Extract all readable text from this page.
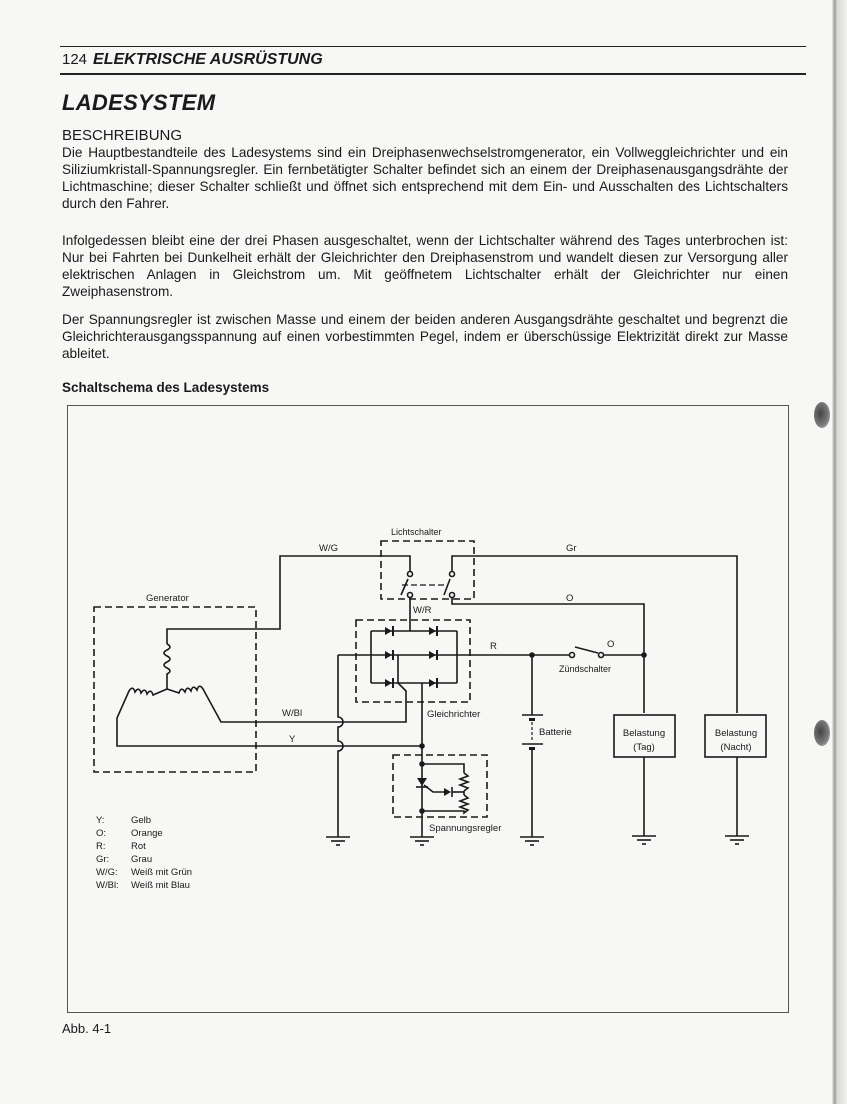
124 ELEKTRISCHE AUSRÜSTUNG
LADESYSTEM
BESCHREIBUNG
Die Hauptbestandteile des Ladesystems sind ein Dreiphasenwechselstromgenerator, ein Vollweggleichrichter und ein Siliziumkristall-Spannungsregler. Ein fernbetätigter Schalter befindet sich an einem der Dreiphasenausgangsdrähte der Lichtmaschine; dieser Schalter schließt und öffnet sich entsprechend mit dem Ein- und Ausschalten des Lichtschalters durch den Fahrer.
Infolgedessen bleibt eine der drei Phasen ausgeschaltet, wenn der Lichtschalter während des Tages unterbrochen ist: Nur bei Fahrten bei Dunkelheit erhält der Gleichrichter den Dreiphasenstrom und wandelt diesen zur Versorgung aller elektrischen Anlagen in Gleichstrom um. Mit geöffnetem Lichtschalter erhält der Gleichrichter nur einen Zweiphasenstrom.
Der Spannungsregler ist zwischen Masse und einem der beiden anderen Ausgangsdrähte geschaltet und begrenzt die Gleichrichterausgangsspannung auf einen vorbestimmten Pegel, indem er überschüssige Elektrizität direkt zur Masse ableitet.
Schaltschema des Ladesystems
Lichtschalter
W/G	Gr
O
W/R
Gleichrichter
R	O
Zündschalter
Batterie	Belastung
(Tag)
Belastung
(Nacht)
Generator
W/Bl
Y
Spannungsregler
Y:	Gelb
O:	Orange
R:	Rot
Gr: Grau
W/G: Weiß mit Grün
W/Bl: Weiß mit Blau
Abb. 4-1
